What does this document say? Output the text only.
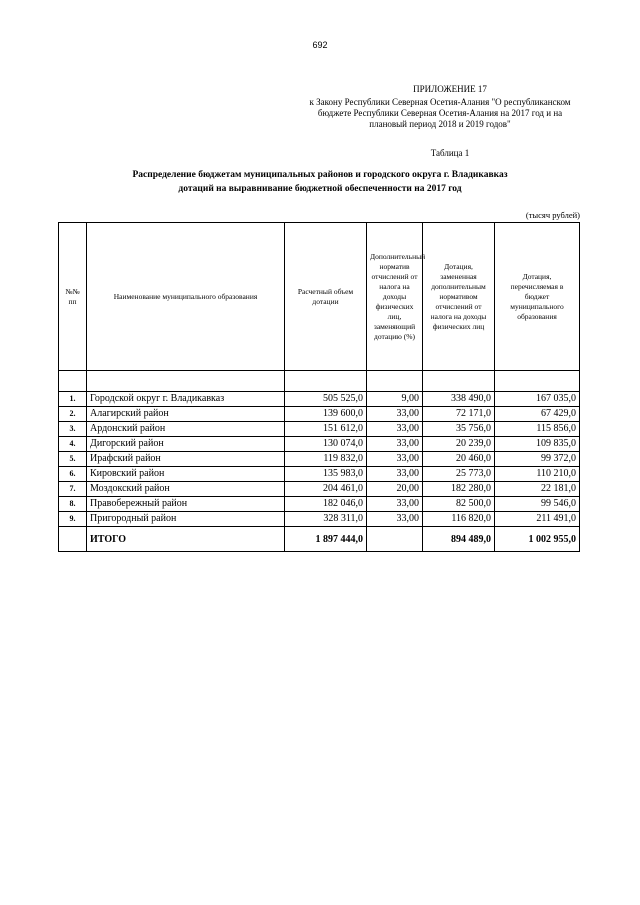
692
ПРИЛОЖЕНИЕ 17
к Закону Республики Северная Осетия-Алания "О республиканском
бюджете Республики Северная Осетия-Алания на 2017 год и на
плановый период 2018 и 2019 годов"
Таблица 1
Распределение бюджетам муниципальных районов и городского округа г. Владикавказ
дотаций на выравнивание бюджетной обеспеченности на 2017 год
(тысяч рублей)
№№ пп	Наименование муниципального образования	Расчетный объем дотации	Дополнительный норматив отчислений от налога на доходы физических лиц, заменяющий дотацию (%)	Дотация, замененная дополнительным нормативом отчислений от налога на доходы физических лиц	Дотация, перечисляемая в бюджет муниципального образования

1.	Городской округ г. Владикавказ	505 525,0	9,00	338 490,0	167 035,0
2.	Алагирский район	139 600,0	33,00	72 171,0	67 429,0
3.	Ардонский район	151 612,0	33,00	35 756,0	115 856,0
4.	Дигорский район	130 074,0	33,00	20 239,0	109 835,0
5.	Ирафский район	119 832,0	33,00	20 460,0	99 372,0
6.	Кировский район	135 983,0	33,00	25 773,0	110 210,0
7.	Моздокский район	204 461,0	20,00	182 280,0	22 181,0
8.	Правобережный район	182 046,0	33,00	82 500,0	99 546,0
9.	Пригородный район	328 311,0	33,00	116 820,0	211 491,0
	ИТОГО	1 897 444,0		894 489,0	1 002 955,0
